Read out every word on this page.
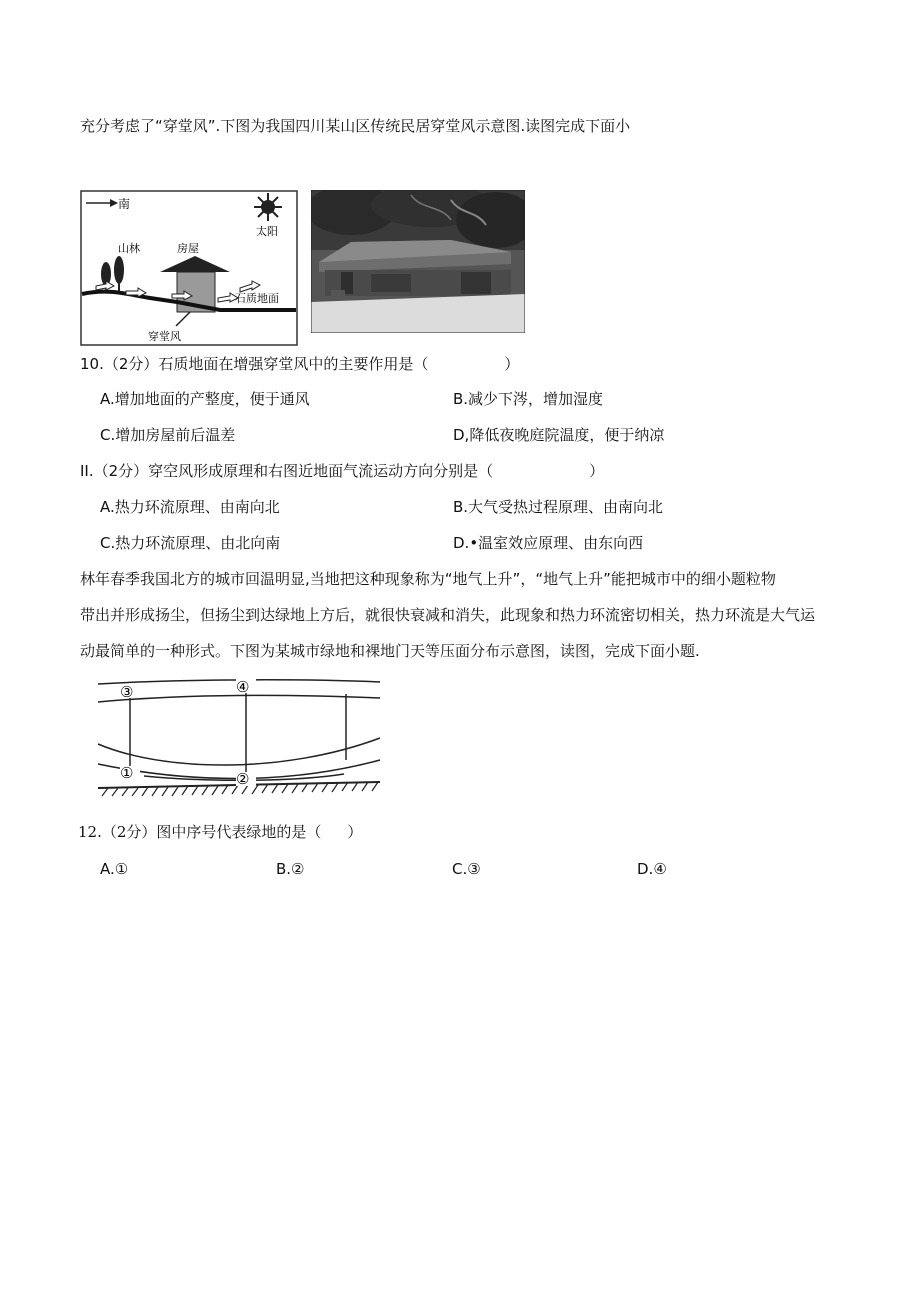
充分考虑了“穿堂风”.下图为我国四川某山区传统民居穿堂风示意图.读图完成下面小
南
太阳
山林	房屋
石质地面
穿堂风
10.（2分）石质地面在增强穿堂风中的主要作用是（	）
A.增加地面的产整度，便于通风	B.减少下涔，增加湿度
C.增加房屋前后温差	D,降低夜晚庭院温度，便于纳凉
II.（2分）穿空风形成原理和右图近地面气流运动方向分别是（	）
A.热力环流原理、由南向北	B.大气受热过程原理、由南向北
C.热力环流原理、由北向南	D.•温室效应原理、由东向西
林年春季我国北方的城市回温明显,当地把这种现象称为“地气上升”，“地气上升”能把城市中的细小题粒物
带出并形成扬尘，但扬尘到达绿地上方后，就很快衰减和消失，此现象和热力环流密切相关，热力环流是大气运
动最简单的一种形式。下图为某城市绿地和裸地门天等压面分布示意图，读图，完成下面小题.
③	④
①	②
12.（2分）图中序号代表绿地的是（ ）
A.①	B.②	C.③	D.④
